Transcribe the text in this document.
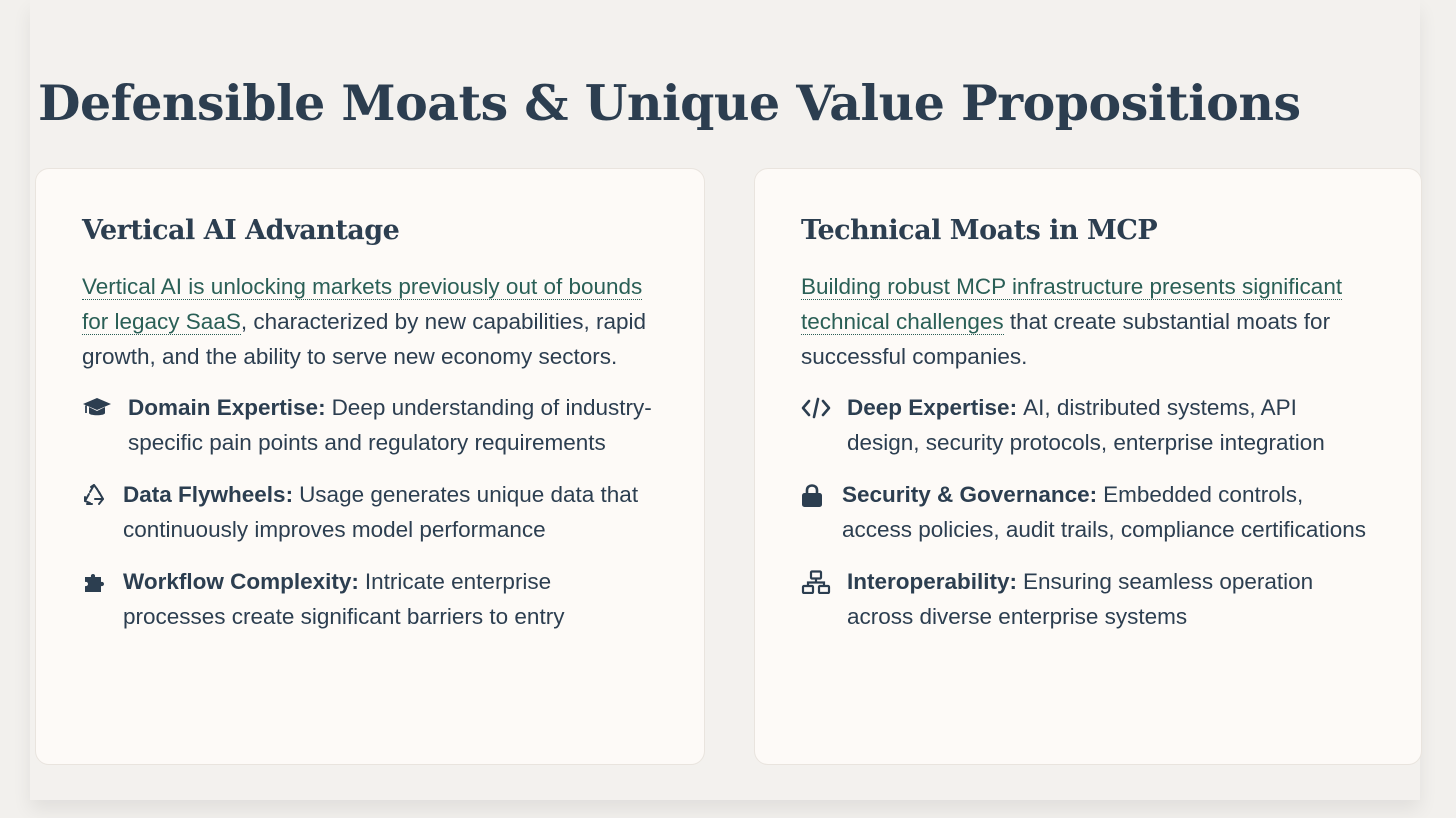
Defensible Moats & Unique Value Propositions
Vertical AI Advantage

Vertical AI is unlocking markets previously out of bounds for legacy SaaS, characterized by new capabilities, rapid growth, and the ability to serve new economy sectors.

Domain Expertise: Deep understanding of industry-specific pain points and regulatory requirements
Data Flywheels: Usage generates unique data that continuously improves model performance
Workflow Complexity: Intricate enterprise processes create significant barriers to entry
Technical Moats in MCP

Building robust MCP infrastructure presents significant technical challenges that create substantial moats for successful companies.

Deep Expertise: AI, distributed systems, API design, security protocols, enterprise integration
Security & Governance: Embedded controls, access policies, audit trails, compliance certifications
Interoperability: Ensuring seamless operation across diverse enterprise systems
